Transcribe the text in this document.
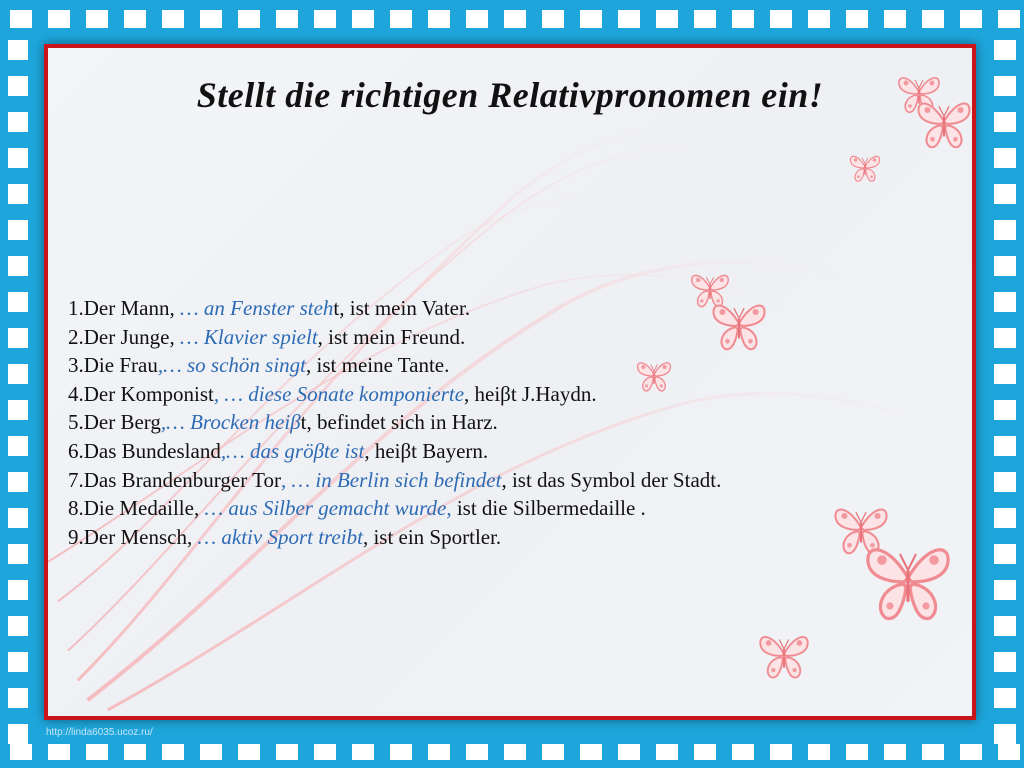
Stellt die richtigen Relativpronomen ein!
1.Der Mann, … an Fenster steht, ist mein Vater.
2.Der Junge, … Klavier spielt, ist mein Freund.
3.Die Frau,… so schön singt, ist meine Tante.
4.Der Komponist, … diese Sonate komponierte, heiβt J.Haydn.
5.Der Berg,… Brocken heiβt, befindet sich in Harz.
6.Das Bundesland,… das gröβte ist, heiβt Bayern.
7.Das Brandenburger Tor, … in Berlin sich befindet, ist das Symbol der Stadt.
8.Die Medaille, … aus Silber gemacht wurde, ist die Silbermedaille .
9.Der Mensch, … aktiv Sport treibt, ist ein Sportler.
http://linda6035.ucoz.ru/
